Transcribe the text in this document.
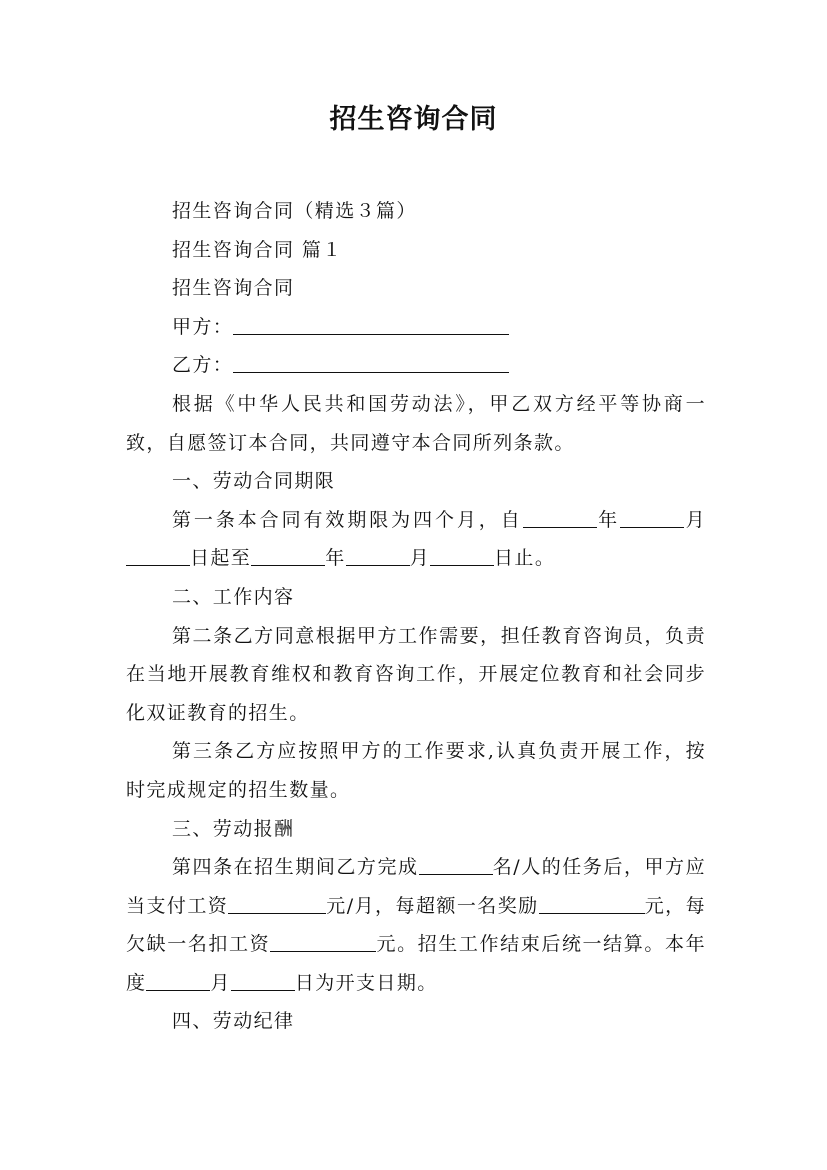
招生咨询合同

招生咨询合同（精选３篇）

招生咨询合同 篇１

招生咨询合同

甲方：

乙方：

根据《中华人民共和国劳动法》，甲乙双方经平等协商一致，自愿签订本合同，共同遵守本合同所列条款。

一、劳动合同期限

第一条本合同有效期限为四个月，自	年	月日起至	年	月	日止。

二、工作内容

第二条乙方同意根据甲方工作需要，担任教育咨询员，负责在当地开展教育维权和教育咨询工作，开展定位教育和社会同步化双证教育的招生。

第三条乙方应按照甲方的工作要求,认真负责开展工作，按时完成规定的招生数量。

三、劳动报酬

第四条在招生期间乙方完成	名/人的任务后，甲方应当支付工资	元/月，每超额一名奖励	元，每欠缺一名扣工资	元。招生工作结束后统一结算。本年度	月	日为开支日期。

四、劳动纪律
